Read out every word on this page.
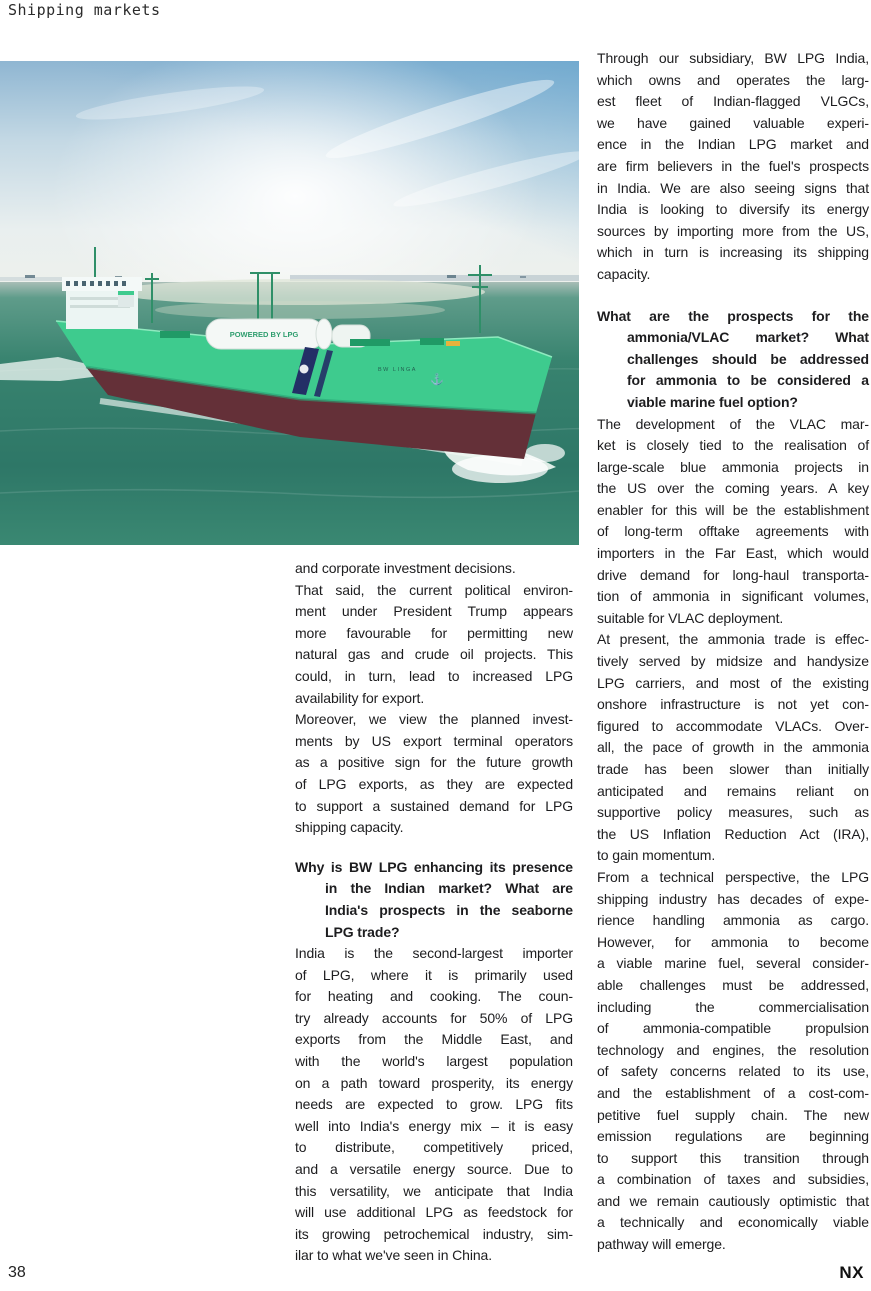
Shipping markets
POWERED BY LPG
BW LINGA
⚓
and corporate investment decisions.
That said, the current political environ-
ment under President Trump appears
more favourable for permitting new
natural gas and crude oil projects. This
could, in turn, lead to increased LPG
availability for export.
Moreover, we view the planned invest-
ments by US export terminal operators
as a positive sign for the future growth
of LPG exports, as they are expected
to support a sustained demand for LPG
shipping capacity.
Why is BW LPG enhancing its presence
in the Indian market? What are
India's prospects in the seaborne
LPG trade?
India is the second-largest importer
of LPG, where it is primarily used
for heating and cooking. The coun-
try already accounts for 50% of LPG
exports from the Middle East, and
with the world's largest population
on a path toward prosperity, its energy
needs are expected to grow. LPG fits
well into India's energy mix – it is easy
to distribute, competitively priced,
and a versatile energy source. Due to
this versatility, we anticipate that India
will use additional LPG as feedstock for
its growing petrochemical industry, sim-
ilar to what we've seen in China.
Through our subsidiary, BW LPG India,
which owns and operates the larg-
est fleet of Indian-flagged VLGCs,
we have gained valuable experi-
ence in the Indian LPG market and
are firm believers in the fuel's prospects
in India. We are also seeing signs that
India is looking to diversify its energy
sources by importing more from the US,
which in turn is increasing its shipping
capacity.
What are the prospects for the
ammonia/VLAC market? What
challenges should be addressed
for ammonia to be considered a
viable marine fuel option?
The development of the VLAC mar-
ket is closely tied to the realisation of
large-scale blue ammonia projects in
the US over the coming years. A key
enabler for this will be the establishment
of long-term offtake agreements with
importers in the Far East, which would
drive demand for long-haul transporta-
tion of ammonia in significant volumes,
suitable for VLAC deployment.
At present, the ammonia trade is effec-
tively served by midsize and handysize
LPG carriers, and most of the existing
onshore infrastructure is not yet con-
figured to accommodate VLACs. Over-
all, the pace of growth in the ammonia
trade has been slower than initially
anticipated and remains reliant on
supportive policy measures, such as
the US Inflation Reduction Act (IRA),
to gain momentum.
From a technical perspective, the LPG
shipping industry has decades of expe-
rience handling ammonia as cargo.
However, for ammonia to become
a viable marine fuel, several consider-
able challenges must be addressed,
including the commercialisation
of ammonia-compatible propulsion
technology and engines, the resolution
of safety concerns related to its use,
and the establishment of a cost-com-
petitive fuel supply chain. The new
emission regulations are beginning
to support this transition through
a combination of taxes and subsidies,
and we remain cautiously optimistic that
a technically and economically viable
pathway will emerge.
38	NX
